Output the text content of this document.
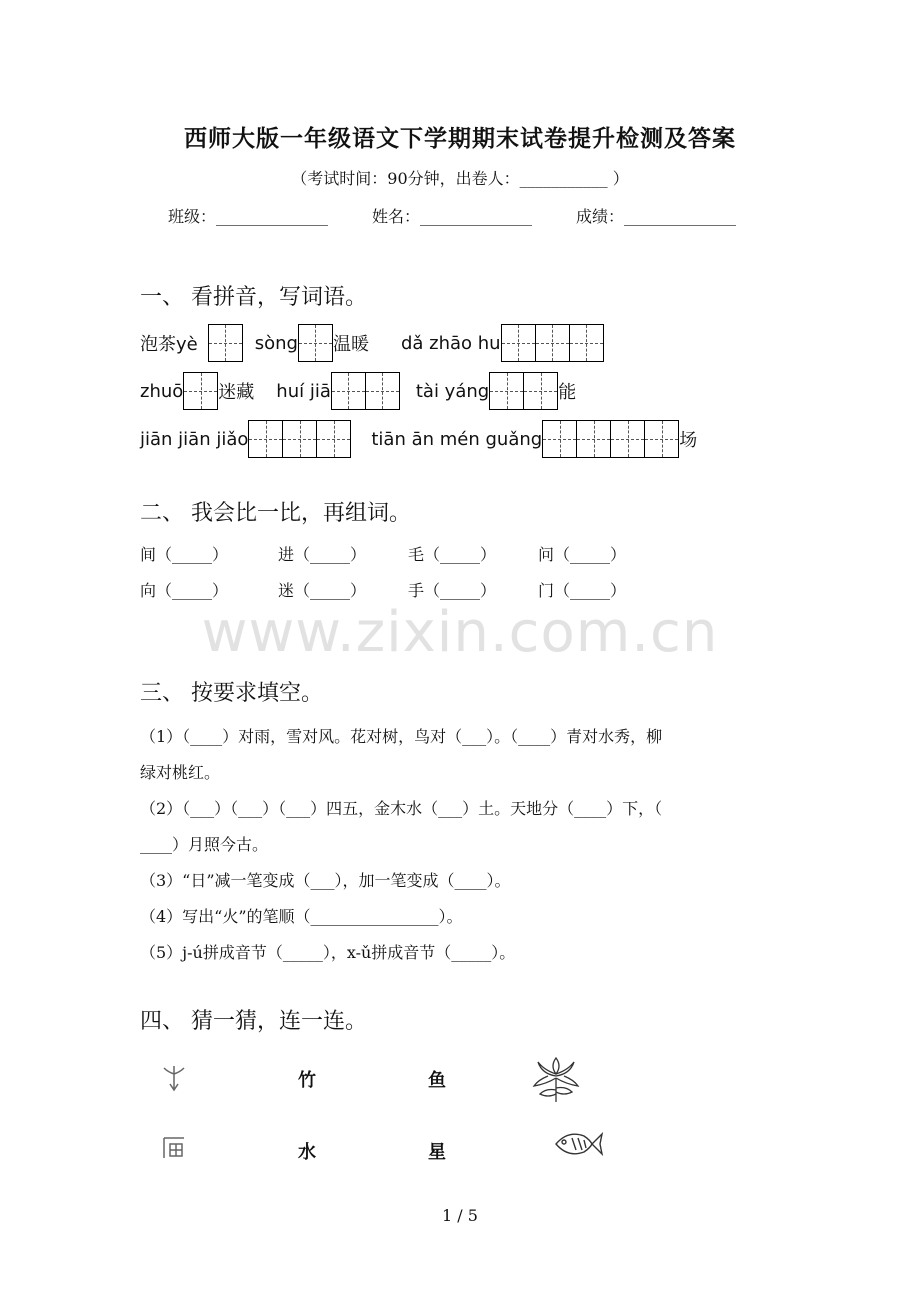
西师大版一年级语文下学期期末试卷提升检测及答案
（考试时间：90分钟，出卷人：___________ ）
班级：______________	姓名：______________	成绩：______________
一、 看拼音，写词语。
泡茶yè	sòng 温暖 dǎ zhāo hu
zhuō 迷藏 huí jiā	tài yáng	能
jiān jiān jiǎo	tiān ān mén guǎng	场
二、 我会比一比，再组词。
间（_____）	进（_____）	毛（_____）	问（_____）
向（_____）	迷（_____）	手（_____）	门（_____）
www.zixin.com.cn
三、 按要求填空。
（1）（____）对雨，雪对风。花对树，鸟对（___）。（____）青对水秀，柳
绿对桃红。
（2）（___）（___）（___）四五，金木水（___）土。天地分（____）下，（
____）月照今古。
（3）“日”减一笔变成（___），加一笔变成（____）。
（4）写出“火”的笔顺（________________）。
（5）j-ú拼成音节（_____），x-ǔ拼成音节（_____）。
四、 猜一猜，连一连。
竹
水
鱼
星
1 / 5
